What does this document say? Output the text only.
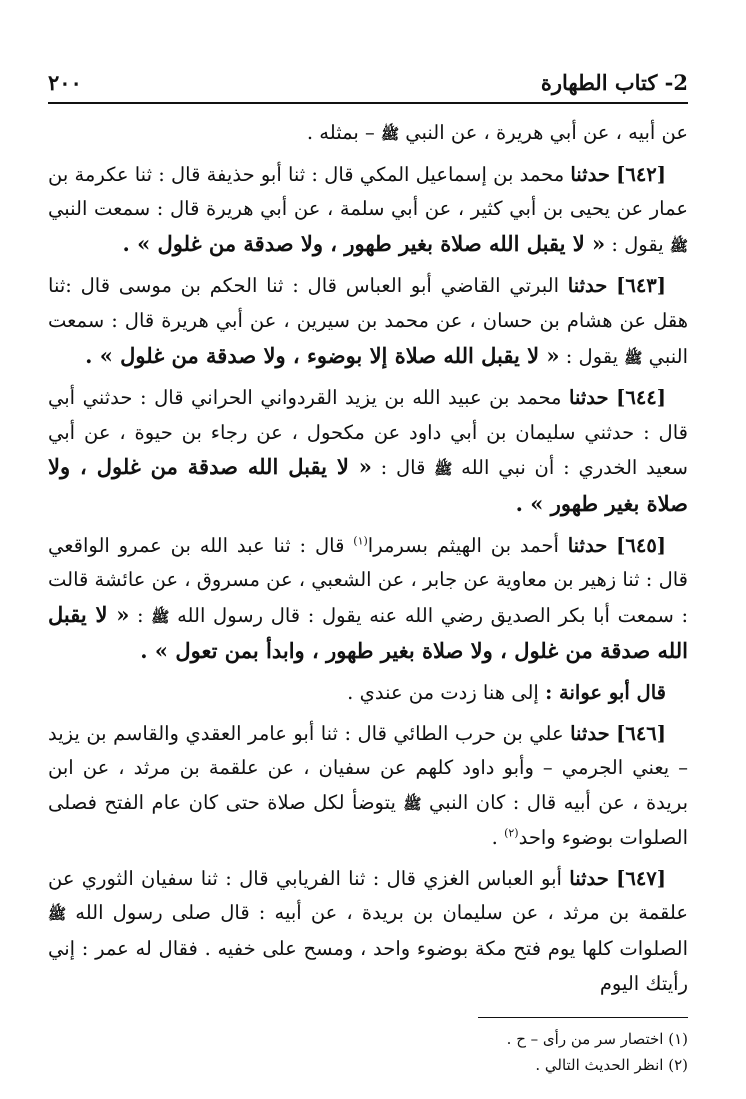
2- كتاب الطهارة
٢٠٠

عن أبيه ، عن أبي هريرة ، عن النبي ﷺ – بمثله .

[٦٤٢] حدثنا محمد بن إسماعيل المكي قال : ثنا أبو حذيفة قال : ثنا عكرمة بن عمار عن يحيى بن أبي كثير ، عن أبي سلمة ، عن أبي هريرة قال : سمعت النبي ﷺ يقول : « لا يقبل الله صلاة بغير طهور ، ولا صدقة من غلول » .

[٦٤٣] حدثنا البرتي القاضي أبو العباس قال : ثنا الحكم بن موسى قال :ثنا هقل عن هشام بن حسان ، عن محمد بن سيرين ، عن أبي هريرة قال : سمعت النبي ﷺ يقول : « لا يقبل الله صلاة إلا بوضوء ، ولا صدقة من غلول » .

[٦٤٤] حدثنا محمد بن عبيد الله بن يزيد القردواني الحراني قال : حدثني أبي قال : حدثني سليمان بن أبي داود عن مكحول ، عن رجاء بن حيوة ، عن أبي سعيد الخدري : أن نبي الله ﷺ قال : « لا يقبل الله صدقة من غلول ، ولا صلاة بغير طهور » .

[٦٤٥] حدثنا أحمد بن الهيثم بسرمرا$^{(١)}$ قال : ثنا عبد الله بن عمرو الواقعي قال : ثنا زهير بن معاوية عن جابر ، عن الشعبي ، عن مسروق ، عن عائشة قالت : سمعت أبا بكر الصديق رضي الله عنه يقول : قال رسول الله ﷺ : « لا يقبل الله صدقة من غلول ، ولا صلاة بغير طهور ، وابدأ بمن تعول » .

قال أبو عوانة : إلى هنا زدت من عندي .

[٦٤٦] حدثنا علي بن حرب الطائي قال : ثنا أبو عامر العقدي والقاسم بن يزيد – يعني الجرمي – وأبو داود كلهم عن سفيان ، عن علقمة بن مرثد ، عن ابن بريدة ، عن أبيه قال : كان النبي ﷺ يتوضأ لكل صلاة حتى كان عام الفتح فصلى الصلوات بوضوء واحد$^{(٢)}$ .

[٦٤٧] حدثنا أبو العباس الغزي قال : ثنا الفريابي قال : ثنا سفيان الثوري عن علقمة بن مرثد ، عن سليمان بن بريدة ، عن أبيه : قال صلى رسول الله ﷺ الصلوات كلها يوم فتح مكة بوضوء واحد ، ومسح على خفيه . فقال له عمر : إني رأيتك اليوم

(١) اختصار سر من رأى – ح .
(٢) انظر الحديث التالي .
